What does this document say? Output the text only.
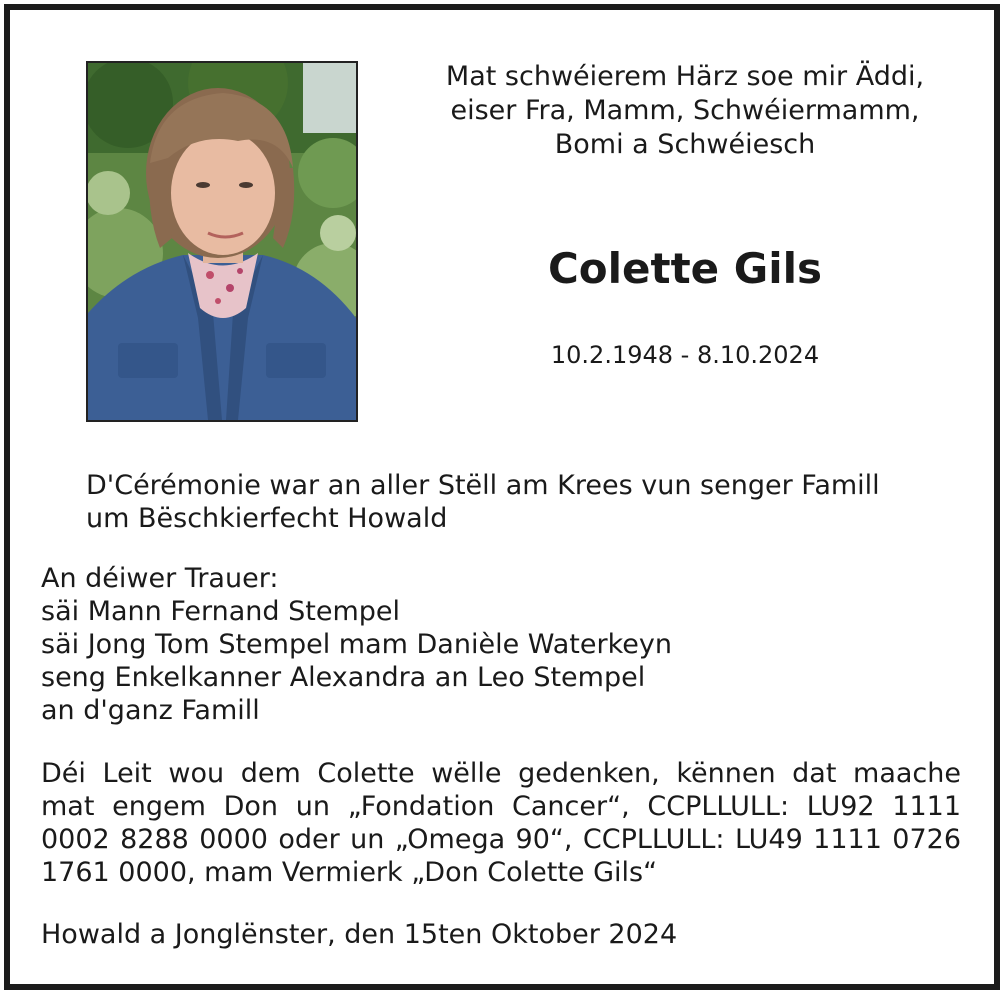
Mat schwéierem Härz soe mir Äddi,
eiser Fra, Mamm, Schwéiermamm,
Bomi a Schwéiesch
Colette Gils
10.2.1948 - 8.10.2024
D'Cérémonie war an aller Stëll am Krees vun senger Famill
um Bëschkierfecht Howald
An déiwer Trauer:
säi Mann Fernand Stempel
säi Jong Tom Stempel mam Danièle Waterkeyn
seng Enkelkanner Alexandra an Leo Stempel
an d'ganz Famill
Déi Leit wou dem Colette wëlle gedenken, kënnen dat maache
mat engem Don un „Fondation Cancer“, CCPLLULL: LU92 1111
0002 8288 0000 oder un „Omega 90“, CCPLLULL: LU49 1111 0726
1761 0000, mam Vermierk „Don Colette Gils“
Howald a Jonglënster, den 15ten Oktober 2024
